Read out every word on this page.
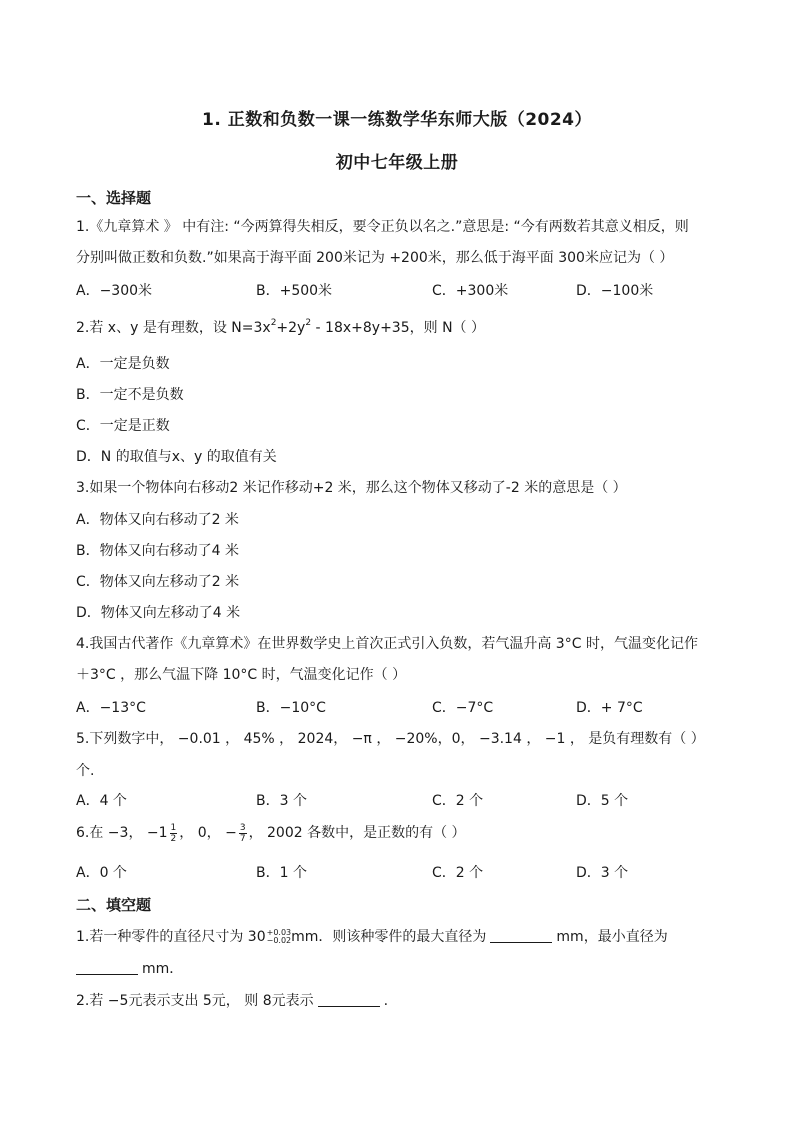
1. 正数和负数一课一练数学华东师大版（2024）
初中七年级上册
一、选择题
1.《九章算术 》 中有注: “今两算得失相反，要令正负以名之.”意思是: “今有两数若其意义相反，则
分别叫做正数和负数.”如果高于海平面 200米记为 +200米，那么低于海平面 300米应记为（ ）
A．−300米	B．+500米	C．+300米	D．−100米
2.若 x、y 是有理数，设 $N=3x^2+2y^2 - 18x+8y+35$，则 N（ ）
A．一定是负数
B．一定不是负数
C．一定是正数
D．N 的取值与x、y 的取值有关
3.如果一个物体向右移动2 米记作移动+2 米，那么这个物体又移动了-2 米的意思是（ ）
A．物体又向右移动了2 米
B．物体又向右移动了4 米
C．物体又向左移动了2 米
D．物体又向左移动了4 米
4.我国古代著作《九章算术》在世界数学史上首次正式引入负数，若气温升高 3°C 时，气温变化记作
＋3°C ，那么气温下降 10°C 时，气温变化记作（ ）
A．−13°C	B．−10°C	C．−7°C	D．+ 7°C
5.下列数字中， −0.01 ， 45% ， 2024， −π ， −20%，0， −3.14 ， −1 ， 是负有理数有（ ）
个.
A．4 个	B．3 个	C．2 个	D．5 个
6.在 −3， $-1 \frac{1}{2}$ ， 0， − $\frac{3}{7}$ ， 2002 各数中，是正数的有（ ）
A．0 个	B．1 个	C．2 个	D．3 个
二、填空题
1.若一种零件的直径尺寸为 30 +0.03
−0.02 mm．则该种零件的最大直径为	mm，最小直径为
mm．
2.若 −5元表示支出 5元， 则 8元表示	.
